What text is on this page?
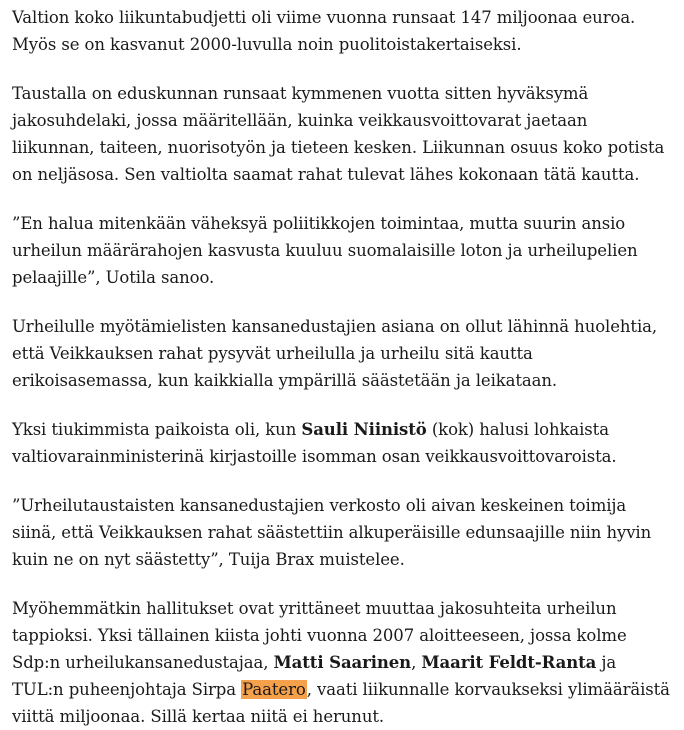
Valtion koko liikuntabudjetti oli viime vuonna runsaat 147 miljoonaa euroa. Myös se on kasvanut 2000-luvulla noin puolitoistakertaiseksi.

Taustalla on eduskunnan runsaat kymmenen vuotta sitten hyväksymä jakosuhdelaki, jossa määritellään, kuinka veikkausvoittovarat jaetaan liikunnan, taiteen, nuorisotyön ja tieteen kesken. Liikunnan osuus koko potista on neljäsosa. Sen valtiolta saamat rahat tulevat lähes kokonaan tätä kautta.

”En halua mitenkään väheksyä poliitikkojen toimintaa, mutta suurin ansio urheilun määrärahojen kasvusta kuuluu suomalaisille loton ja urheilupelien pelaajille”, Uotila sanoo.

Urheilulle myötämielisten kansanedustajien asiana on ollut lähinnä huolehtia, että Veikkauksen rahat pysyvät urheilulla ja urheilu sitä kautta erikoisasemassa, kun kaikkialla ympärillä säästetään ja leikataan.

Yksi tiukimmista paikoista oli, kun Sauli Niinistö (kok) halusi lohkaista valtiovarainministerinä kirjastoille isomman osan veikkausvoittovaroista.

”Urheilutaustaisten kansanedustajien verkosto oli aivan keskeinen toimija siinä, että Veikkauksen rahat säästettiin alkuperäisille edunsaajille niin hyvin kuin ne on nyt säästetty”, Tuija Brax muistelee.

Myöhemmätkin hallitukset ovat yrittäneet muuttaa jakosuhteita urheilun tappioksi. Yksi tällainen kiista johti vuonna 2007 aloitteeseen, jossa kolme Sdp:n urheilukansanedustajaa, Matti Saarinen, Maarit Feldt-Ranta ja TUL:n puheenjohtaja Sirpa Paatero, vaati liikunnalle korvaukseksi ylimääräistä viittä miljoonaa. Sillä kertaa niitä ei herunut.
